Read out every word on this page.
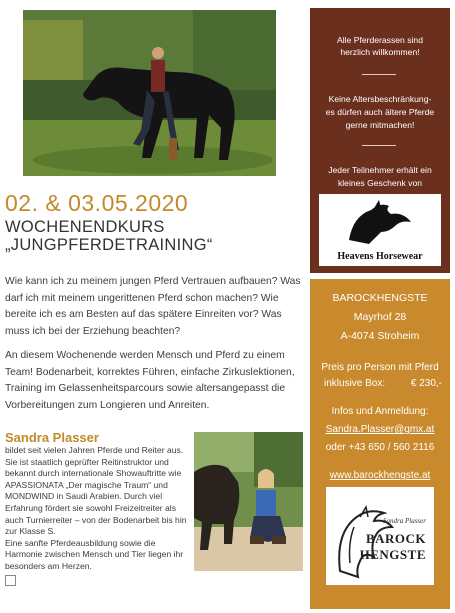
02. & 03.05.2020
WOCHENENDKURS
„JUNGPFERDETRAINING“
Wie kann ich zu meinem jungen Pferd Vertrauen aufbauen? Was darf ich mit meinem ungerittenen Pferd schon machen? Wie bereite ich es am Besten auf das spätere Einreiten vor? Was muss ich bei der Erziehung beachten?
An diesem Wochenende werden Mensch und Pferd zu einem Team! Bodenarbeit, korrektes Führen, einfache Zirkuslektionen, Training im Gelassenheitsparcours sowie altersangepasst die Vorbereitungen zum Longieren und Anreiten.
Sandra Plasser
bildet seit vielen Jahren Pferde und Reiter aus.
Sie ist staatlich geprüfter Reitinstruktor und
bekannt durch internationale Showauftritte wie
APASSIONATA „Der magische Traum“ und
MONDWIND in Saudi Arabien. Durch viel
Erfahrung fördert sie sowohl Freizeitreiter als
auch Turnierreiter – von der Bodenarbeit bis hin
zur Klasse S.
Eine sanfte Pferdeausbildung sowie die
Harmonie zwischen Mensch und Tier liegen ihr
besonders am Herzen.
Alle Pferderassen sind
herzlich willkommen!
Keine Altersbeschränkung-
es dürfen auch ältere Pferde
gerne mitmachen!
Jeder Teilnehmer erhält ein
kleines Geschenk von
Heavens Horsewear
BAROCKHENGSTE
Mayrhof 28
A-4074 Stroheim
Preis pro Person mit Pferd
inklusive Box:	€ 230,-
Infos und Anmeldung:
Sandra.Plasser@gmx.at
oder +43 650 / 560 2116
www.barockhengste.at
Sandra Plasser
BAROCK
HENGSTE
